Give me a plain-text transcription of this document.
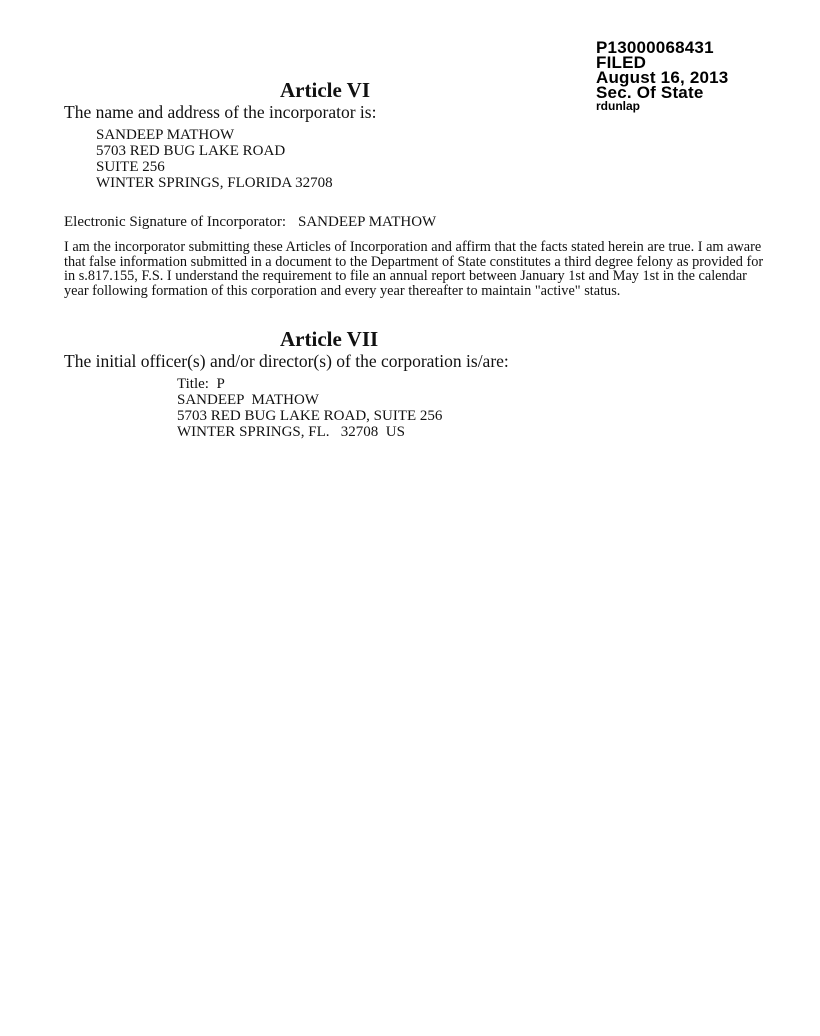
P13000068431
FILED
August 16, 2013
Sec. Of State
rdunlap
Article VI
The name and address of the incorporator is:
SANDEEP MATHOW
5703 RED BUG LAKE ROAD
SUITE 256
WINTER SPRINGS, FLORIDA 32708
Electronic Signature of Incorporator: SANDEEP MATHOW
I am the incorporator submitting these Articles of Incorporation and affirm that the facts stated herein are true. I am aware that false information submitted in a document to the Department of State constitutes a third degree felony as provided for in s.817.155, F.S. I understand the requirement to file an annual report between January 1st and May 1st in the calendar year following formation of this corporation and every year thereafter to maintain "active" status.
Article VII
The initial officer(s) and/or director(s) of the corporation is/are:
Title:  P
SANDEEP  MATHOW
5703 RED BUG LAKE ROAD, SUITE 256
WINTER SPRINGS, FL.   32708  US
